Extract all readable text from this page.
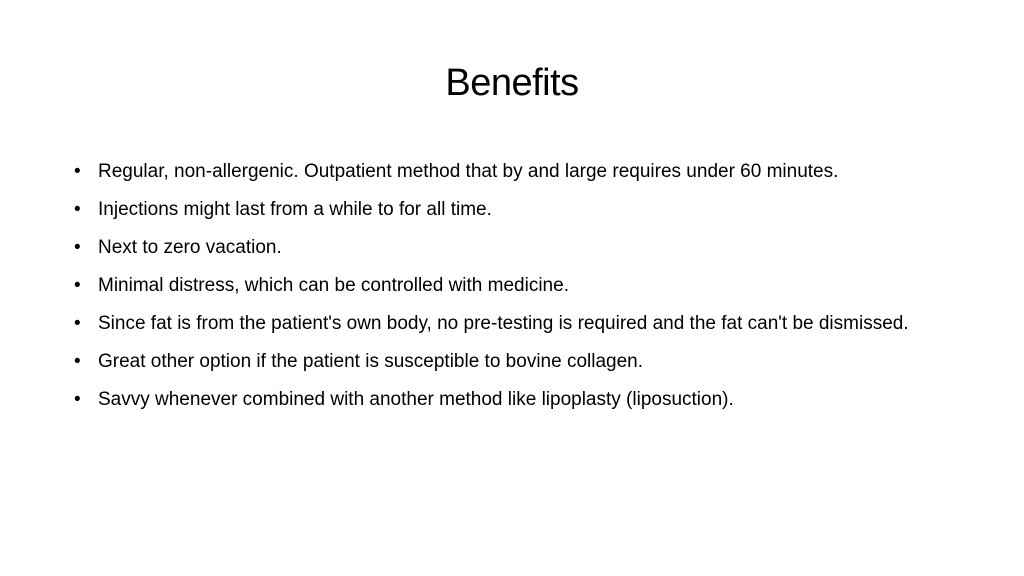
Benefits
• Regular, non-allergenic. Outpatient method that by and large requires under 60 minutes.
• Injections might last from a while to for all time.
• Next to zero vacation.
• Minimal distress, which can be controlled with medicine.
• Since fat is from the patient's own body, no pre-testing is required and the fat can't be dismissed.
• Great other option if the patient is susceptible to bovine collagen.
• Savvy whenever combined with another method like lipoplasty (liposuction).
